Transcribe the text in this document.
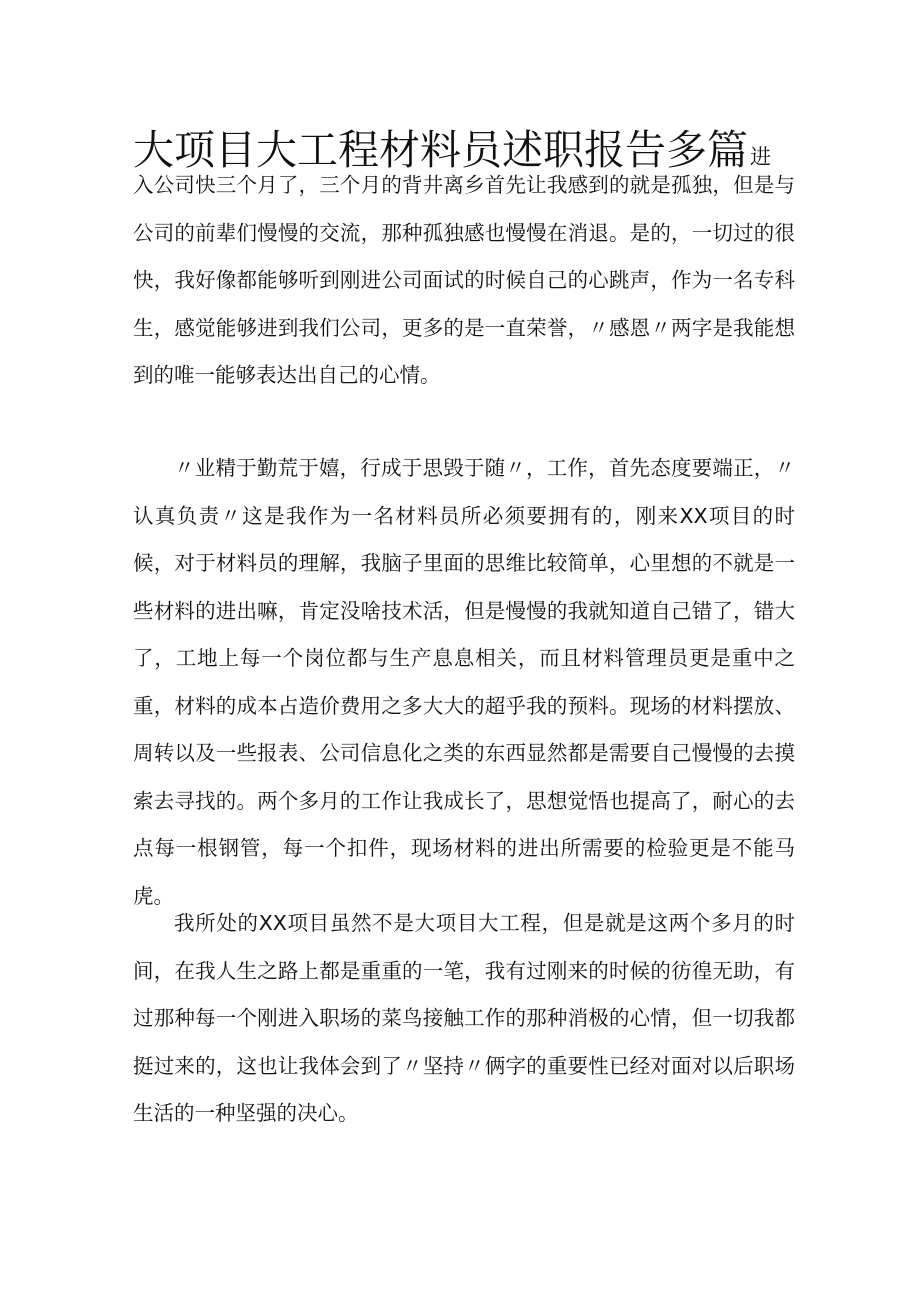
大项目大工程材料员述职报告多篇进

入公司快三个月了，三个月的背井离乡首先让我感到的就是孤独，但是与公司的前辈们慢慢的交流，那种孤独感也慢慢在消退。是的，一切过的很快，我好像都能够听到刚进公司面试的时候自己的心跳声，作为一名专科生，感觉能够进到我们公司，更多的是一直荣誉，〃感恩〃两字是我能想到的唯一能够表达出自己的心情。

〃业精于勤荒于嬉，行成于思毁于随〃，工作，首先态度要端正，〃认真负责〃这是我作为一名材料员所必须要拥有的，刚来XX项目的时候，对于材料员的理解，我脑子里面的思维比较简单，心里想的不就是一些材料的进出嘛，肯定没啥技术活，但是慢慢的我就知道自己错了，错大了，工地上每一个岗位都与生产息息相关，而且材料管理员更是重中之重，材料的成本占造价费用之多大大的超乎我的预料。现场的材料摆放、周转以及一些报表、公司信息化之类的东西显然都是需要自己慢慢的去摸索去寻找的。两个多月的工作让我成长了，思想觉悟也提高了，耐心的去点每一根钢管，每一个扣件，现场材料的进出所需要的检验更是不能马虎。

我所处的XX项目虽然不是大项目大工程，但是就是这两个多月的时间，在我人生之路上都是重重的一笔，我有过刚来的时候的彷徨无助，有过那种每一个刚进入职场的菜鸟接触工作的那种消极的心情，但一切我都挺过来的，这也让我体会到了〃坚持〃俩字的重要性已经对面对以后职场生活的一种坚强的决心。
